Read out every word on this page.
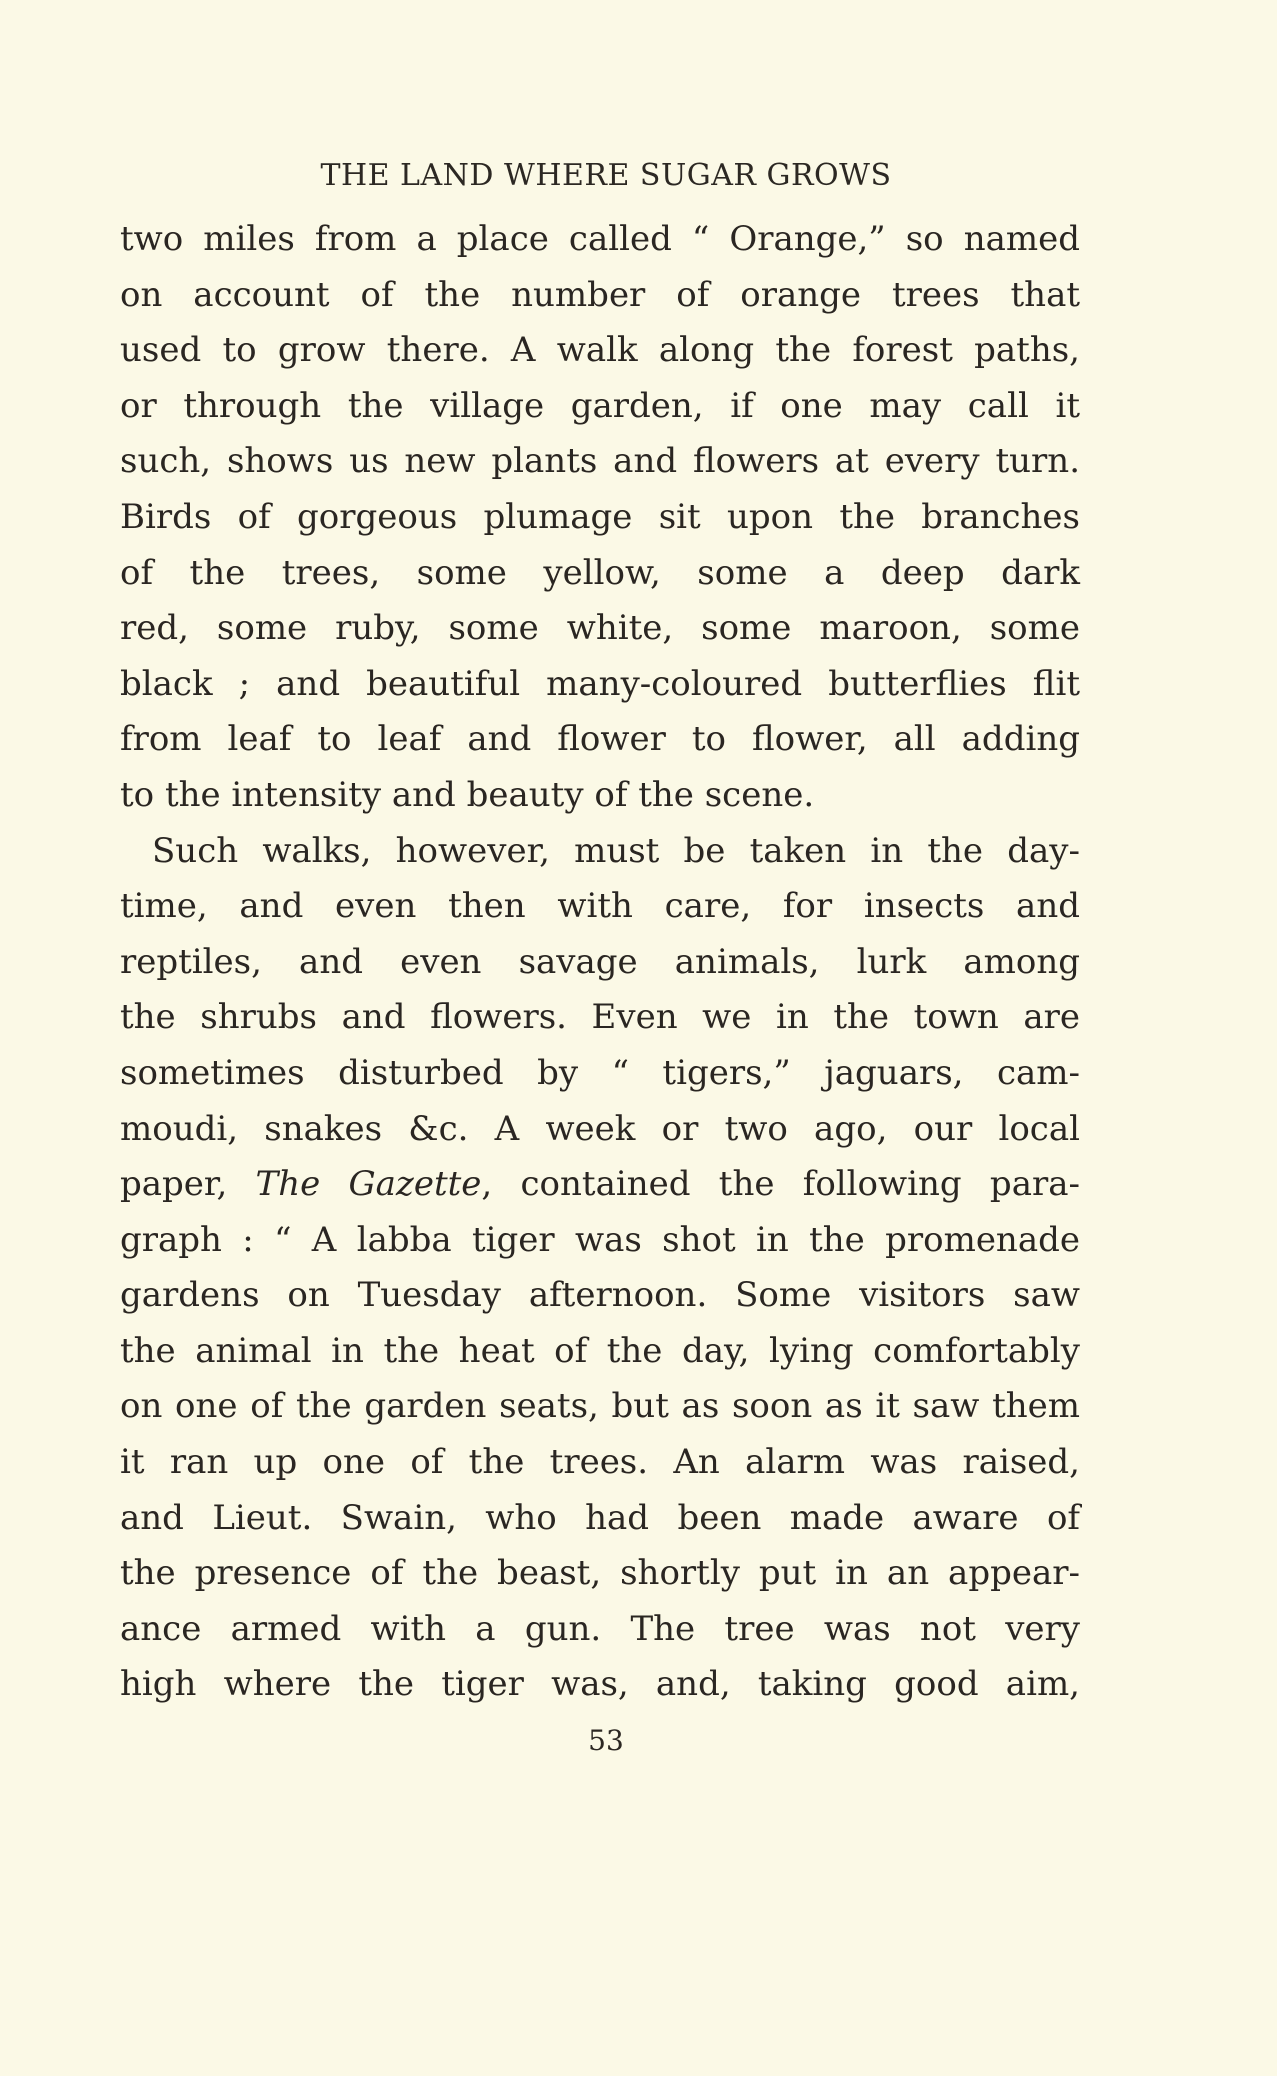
THE LAND WHERE SUGAR GROWS
two miles from a place called “ Orange,” so named
on account of the number of orange trees that
used to grow there. A walk along the forest paths,
or through the village garden, if one may call it
such, shows us new plants and flowers at every turn.
Birds of gorgeous plumage sit upon the branches
of the trees, some yellow, some a deep dark
red, some ruby, some white, some maroon, some
black ; and beautiful many-coloured butterflies flit
from leaf to leaf and flower to flower, all adding
to the intensity and beauty of the scene.
Such walks, however, must be taken in the day-
time, and even then with care, for insects and
reptiles, and even savage animals, lurk among
the shrubs and flowers. Even we in the town are
sometimes disturbed by “ tigers,” jaguars, cam-
moudi, snakes &c. A week or two ago, our local
paper, The Gazette, contained the following para-
graph : “ A labba tiger was shot in the promenade
gardens on Tuesday afternoon. Some visitors saw
the animal in the heat of the day, lying comfortably
on one of the garden seats, but as soon as it saw them
it ran up one of the trees. An alarm was raised,
and Lieut. Swain, who had been made aware of
the presence of the beast, shortly put in an appear-
ance armed with a gun. The tree was not very
high where the tiger was, and, taking good aim,
53
